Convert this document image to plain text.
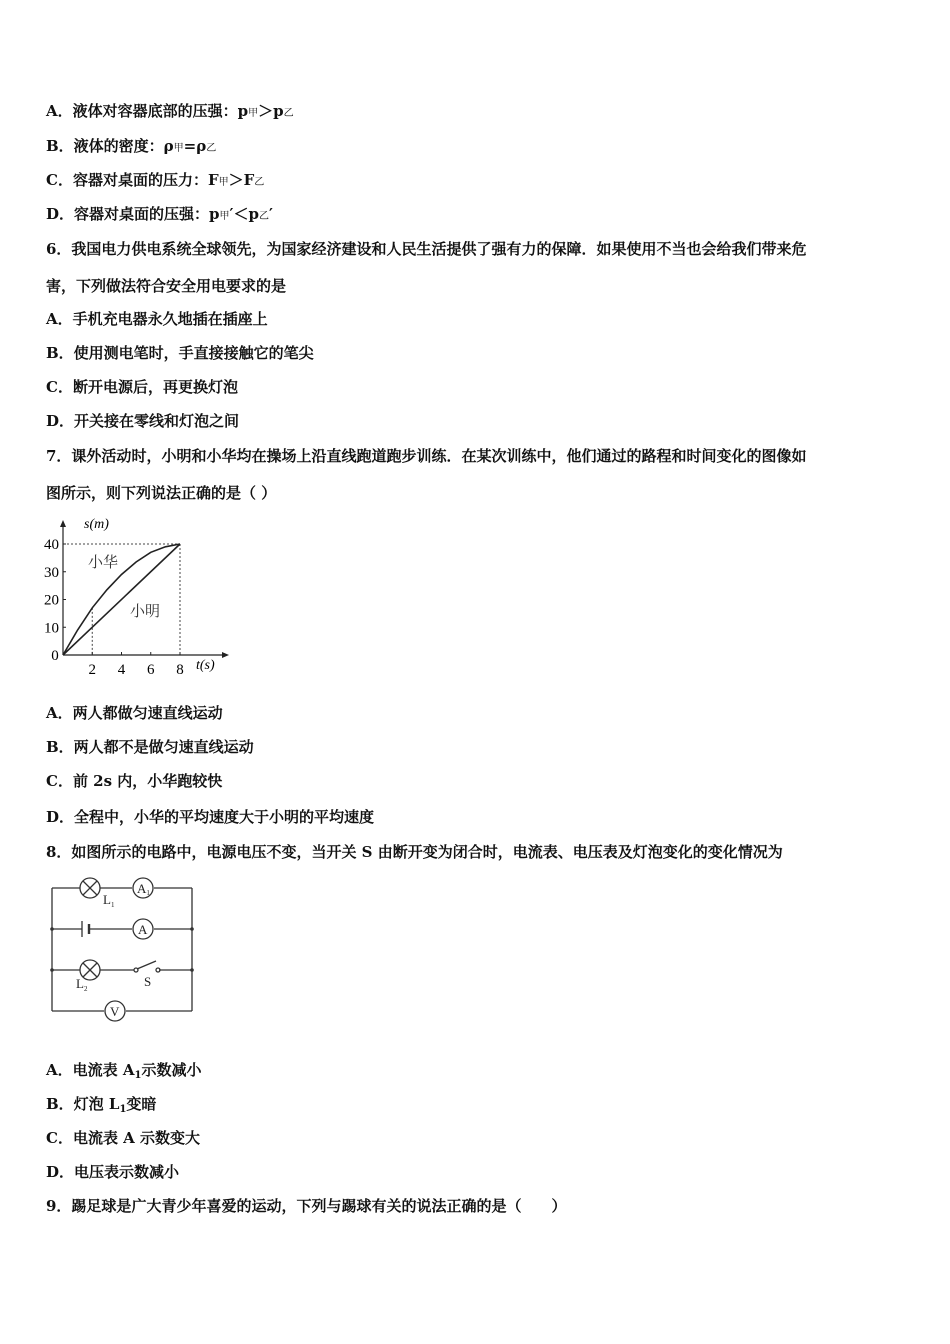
A．液体对容器底部的压强：p甲＞p乙
B．液体的密度：ρ甲=ρ乙
C．容器对桌面的压力：F甲＞F乙
D．容器对桌面的压强：p甲′＜p乙′
6．我国电力供电系统全球领先，为国家经济建设和人民生活提供了强有力的保障．如果使用不当也会给我们带来危
害，下列做法符合安全用电要求的是
A．手机充电器永久地插在插座上
B．使用测电笔时，手直接接触它的笔尖
C．断开电源后，再更换灯泡
D．开关接在零线和灯泡之间
7．课外活动时，小明和小华均在操场上沿直线跑道跑步训练．在某次训练中，他们通过的路程和时间变化的图像如
图所示，则下列说法正确的是（ ）
s(m)
t(s)
10
20
30
40
0
2 4 6 8
小华
小明
A．两人都做匀速直线运动
B．两人都不是做匀速直线运动
C．前 2s 内，小华跑较快
D．全程中，小华的平均速度大于小明的平均速度
8．如图所示的电路中，电源电压不变，当开关 S 由断开变为闭合时，电流表、电压表及灯泡变化的变化情况为
A1
A
V
$L_1$
$L_2$	S
A．电流表 $A_1$示数减小
B．灯泡 $L_1$变暗
C．电流表 A 示数变大
D．电压表示数减小
9．踢足球是广大青少年喜爱的运动，下列与踢球有关的说法正确的是（　　）
